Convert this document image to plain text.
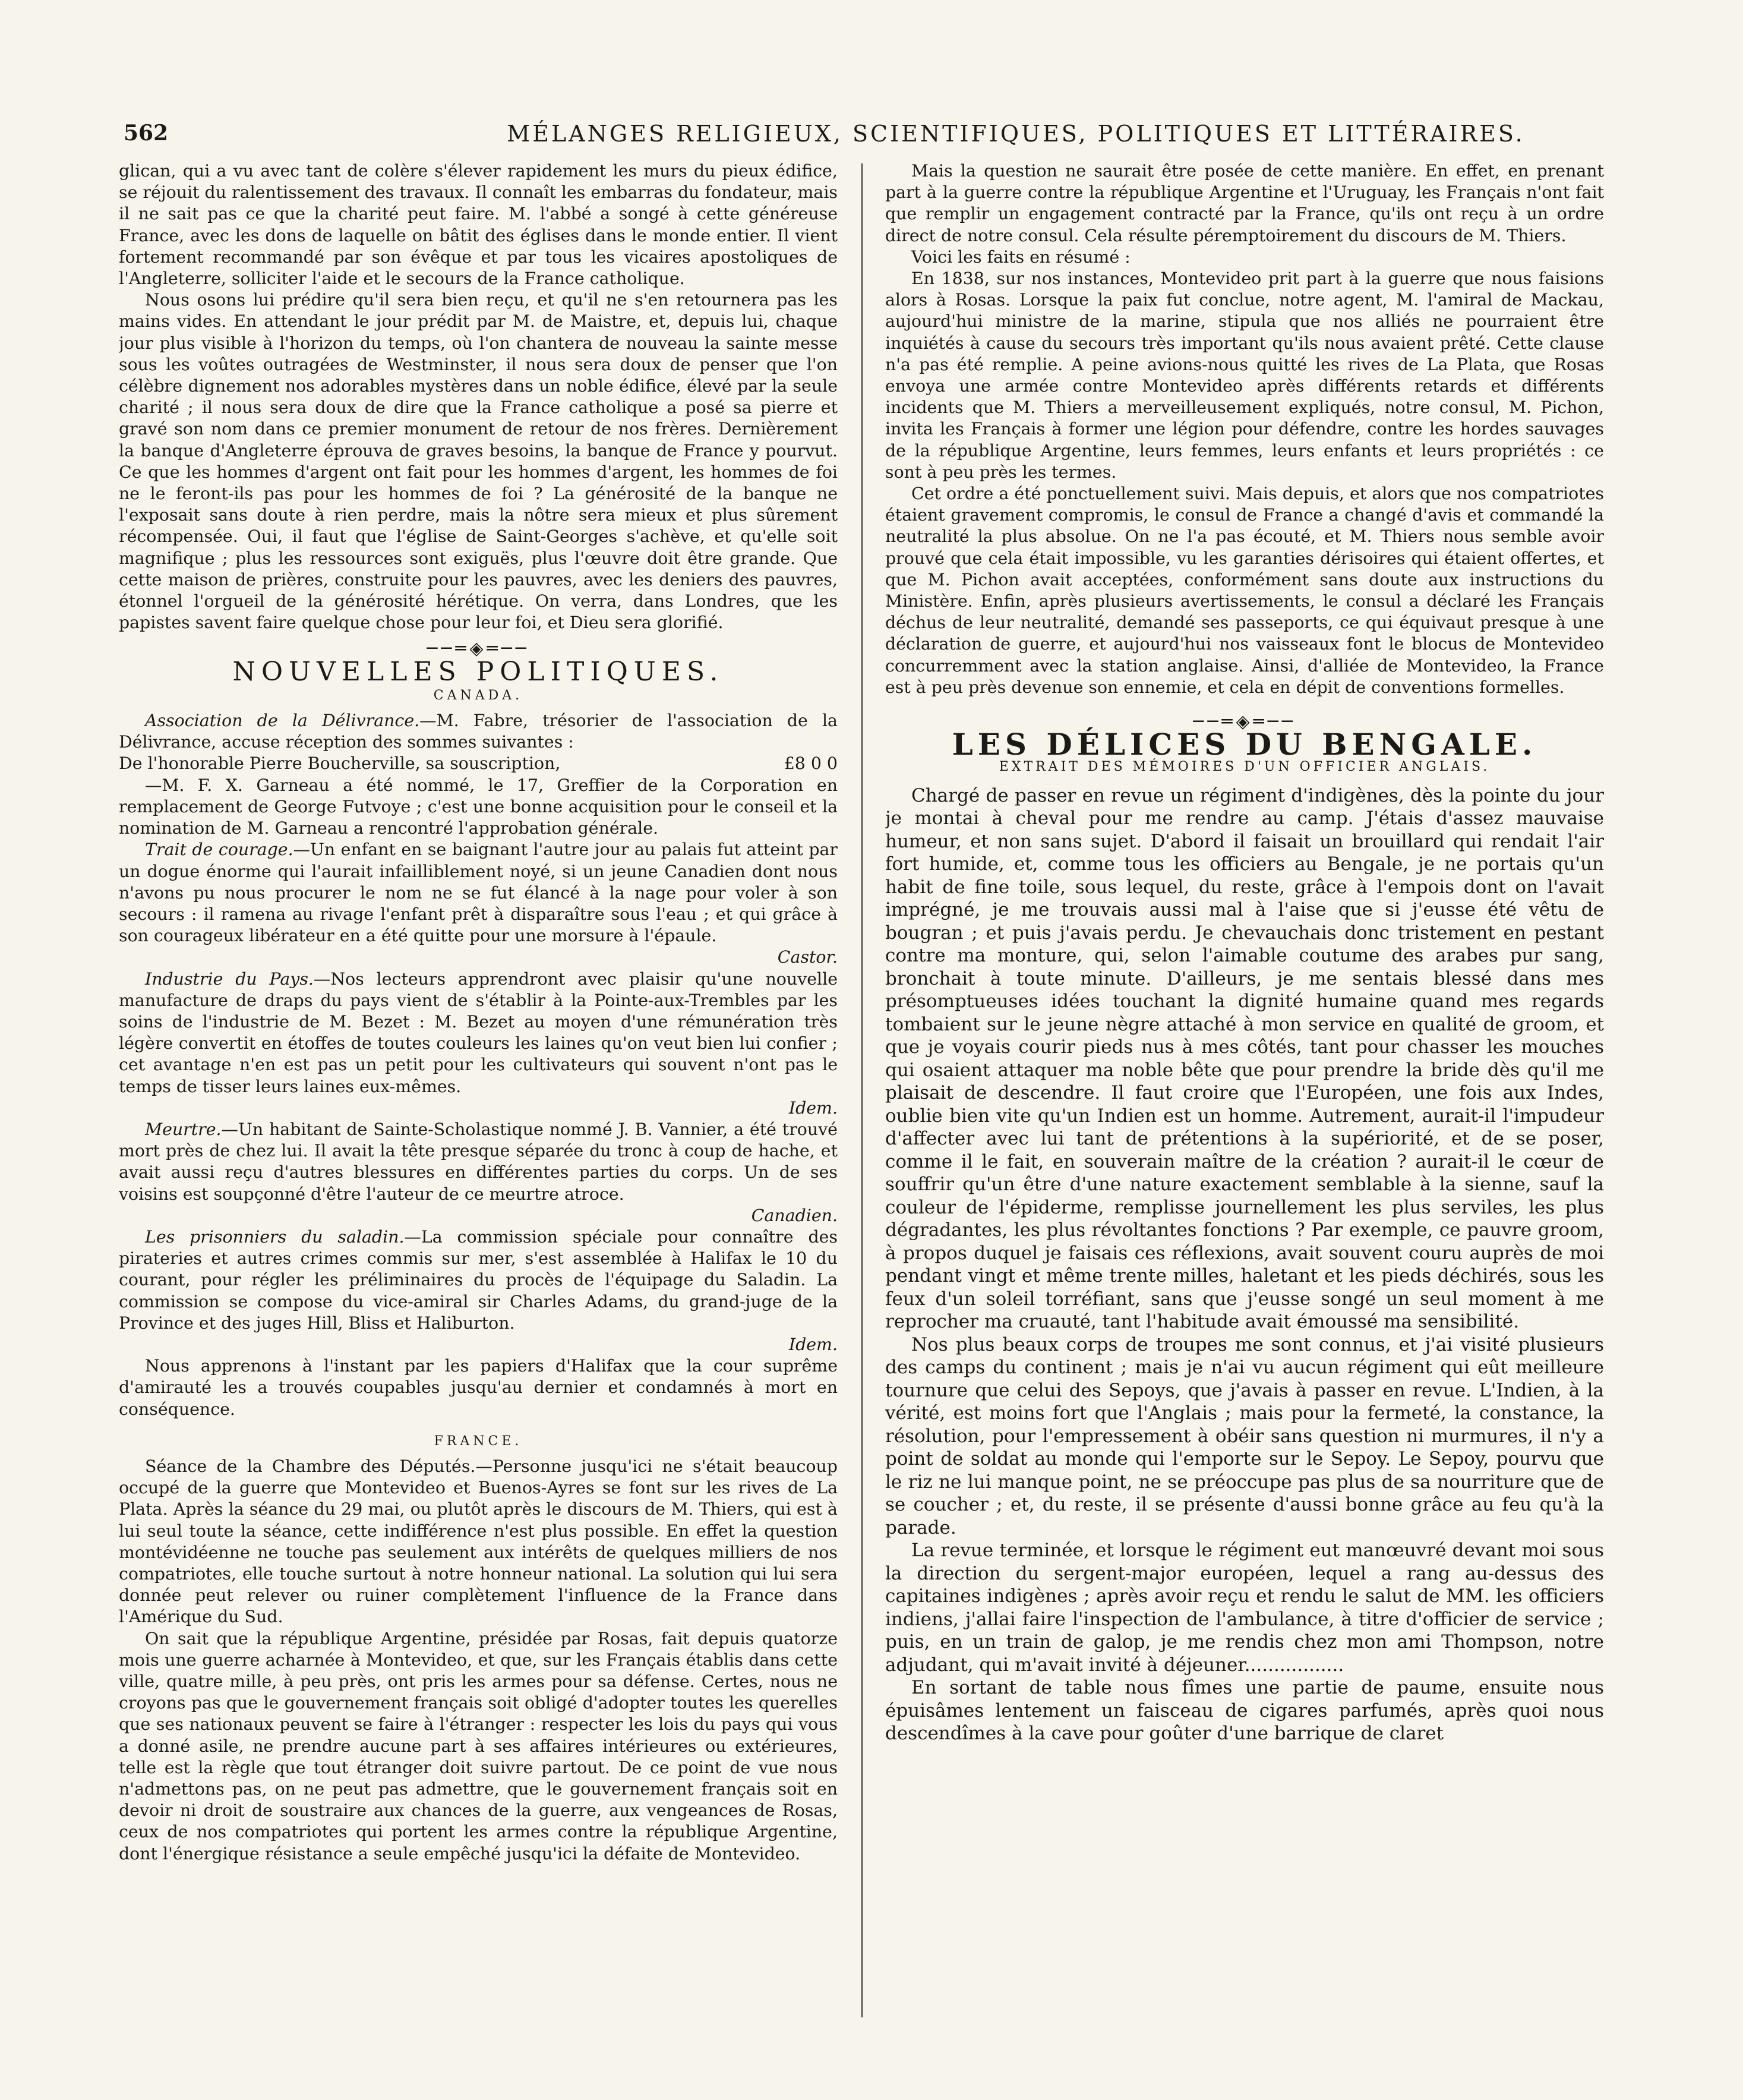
562	MÉLANGES RELIGIEUX, SCIENTIFIQUES, POLITIQUES ET LITTÉRAIRES.

glican, qui a vu avec tant de colère s'élever rapidement les murs du pieux édifice, se réjouit du ralentissement des travaux. Il connaît les embarras du fondateur, mais il ne sait pas ce que la charité peut faire. M. l'abbé a songé à cette généreuse France, avec les dons de laquelle on bâtit des églises dans le monde entier. Il vient fortement recommandé par son évêque et par tous les vicaires apostoliques de l'Angleterre, solliciter l'aide et le secours de la France catholique.

Nous osons lui prédire qu'il sera bien reçu, et qu'il ne s'en retournera pas les mains vides. En attendant le jour prédit par M. de Maistre, et, depuis lui, chaque jour plus visible à l'horizon du temps, où l'on chantera de nouveau la sainte messe sous les voûtes outragées de Westminster, il nous sera doux de penser que l'on célèbre dignement nos adorables mystères dans un noble édifice, élevé par la seule charité ; il nous sera doux de dire que la France catholique a posé sa pierre et gravé son nom dans ce premier monument de retour de nos frères. Dernièrement la banque d'Angleterre éprouva de graves besoins, la banque de France y pourvut. Ce que les hommes d'argent ont fait pour les hommes d'argent, les hommes de foi ne le feront-ils pas pour les hommes de foi ? La générosité de la banque ne l'exposait sans doute à rien perdre, mais la nôtre sera mieux et plus sûrement récompensée. Oui, il faut que l'église de Saint-Georges s'achève, et qu'elle soit magnifique ; plus les ressources sont exiguës, plus l'œuvre doit être grande. Que cette maison de prières, construite pour les pauvres, avec les deniers des pauvres, étonnel l'orgueil de la générosité hérétique. On verra, dans Londres, que les papistes savent faire quelque chose pour leur foi, et Dieu sera glorifié.

──═◈═──
NOUVELLES POLITIQUES.
CANADA.

Association de la Délivrance.—M. Fabre, trésorier de l'association de la Délivrance, accuse réception des sommes suivantes :

De l'honorable Pierre Boucherville, sa souscription,	£8 0 0

—M. F. X. Garneau a été nommé, le 17, Greffier de la Corporation en remplacement de George Futvoye ; c'est une bonne acquisition pour le conseil et la nomination de M. Garneau a rencontré l'approbation générale.

Trait de courage.—Un enfant en se baignant l'autre jour au palais fut atteint par un dogue énorme qui l'aurait infailliblement noyé, si un jeune Canadien dont nous n'avons pu nous procurer le nom ne se fut élancé à la nage pour voler à son secours : il ramena au rivage l'enfant prêt à disparaître sous l'eau ; et qui grâce à son courageux libérateur en a été quitte pour une morsure à l'épaule.

Castor.

Industrie du Pays.—Nos lecteurs apprendront avec plaisir qu'une nouvelle manufacture de draps du pays vient de s'établir à la Pointe-aux-Trembles par les soins de l'industrie de M. Bezet : M. Bezet au moyen d'une rémunération très légère convertit en étoffes de toutes couleurs les laines qu'on veut bien lui confier ; cet avantage n'en est pas un petit pour les cultivateurs qui souvent n'ont pas le temps de tisser leurs laines eux-mêmes.

Idem.

Meurtre.—Un habitant de Sainte-Scholastique nommé J. B. Vannier, a été trouvé mort près de chez lui. Il avait la tête presque séparée du tronc à coup de hache, et avait aussi reçu d'autres blessures en différentes parties du corps. Un de ses voisins est soupçonné d'être l'auteur de ce meurtre atroce.

Canadien.

Les prisonniers du saladin.—La commission spéciale pour connaître des pirateries et autres crimes commis sur mer, s'est assemblée à Halifax le 10 du courant, pour régler les préliminaires du procès de l'équipage du Saladin. La commission se compose du vice-amiral sir Charles Adams, du grand-juge de la Province et des juges Hill, Bliss et Haliburton.

Idem.

Nous apprenons à l'instant par les papiers d'Halifax que la cour suprême d'amirauté les a trouvés coupables jusqu'au dernier et condamnés à mort en conséquence.

FRANCE.

Séance de la Chambre des Députés.—Personne jusqu'ici ne s'était beaucoup occupé de la guerre que Montevideo et Buenos-Ayres se font sur les rives de La Plata. Après la séance du 29 mai, ou plutôt après le discours de M. Thiers, qui est à lui seul toute la séance, cette indifférence n'est plus possible. En effet la question montévidéenne ne touche pas seulement aux intérêts de quelques milliers de nos compatriotes, elle touche surtout à notre honneur national. La solution qui lui sera donnée peut relever ou ruiner complètement l'influence de la France dans l'Amérique du Sud.

On sait que la république Argentine, présidée par Rosas, fait depuis quatorze mois une guerre acharnée à Montevideo, et que, sur les Français établis dans cette ville, quatre mille, à peu près, ont pris les armes pour sa défense. Certes, nous ne croyons pas que le gouvernement français soit obligé d'adopter toutes les querelles que ses nationaux peuvent se faire à l'étranger : respecter les lois du pays qui vous a donné asile, ne prendre aucune part à ses affaires intérieures ou extérieures, telle est la règle que tout étranger doit suivre partout. De ce point de vue nous n'admettons pas, on ne peut pas admettre, que le gouvernement français soit en devoir ni droit de soustraire aux chances de la guerre, aux vengeances de Rosas, ceux de nos compatriotes qui portent les armes contre la république Argentine, dont l'énergique résistance a seule empêché jusqu'ici la défaite de Montevideo.

Mais la question ne saurait être posée de cette manière. En effet, en prenant part à la guerre contre la république Argentine et l'Uruguay, les Français n'ont fait que remplir un engagement contracté par la France, qu'ils ont reçu à un ordre direct de notre consul. Cela résulte péremptoirement du discours de M. Thiers.

Voici les faits en résumé :

En 1838, sur nos instances, Montevideo prit part à la guerre que nous faisions alors à Rosas. Lorsque la paix fut conclue, notre agent, M. l'amiral de Mackau, aujourd'hui ministre de la marine, stipula que nos alliés ne pourraient être inquiétés à cause du secours très important qu'ils nous avaient prêté. Cette clause n'a pas été remplie. A peine avions-nous quitté les rives de La Plata, que Rosas envoya une armée contre Montevideo après différents retards et différents incidents que M. Thiers a merveilleusement expliqués, notre consul, M. Pichon, invita les Français à former une légion pour défendre, contre les hordes sauvages de la république Argentine, leurs femmes, leurs enfants et leurs propriétés : ce sont à peu près les termes.

Cet ordre a été ponctuellement suivi. Mais depuis, et alors que nos compatriotes étaient gravement compromis, le consul de France a changé d'avis et commandé la neutralité la plus absolue. On ne l'a pas écouté, et M. Thiers nous semble avoir prouvé que cela était impossible, vu les garanties dérisoires qui étaient offertes, et que M. Pichon avait acceptées, conformément sans doute aux instructions du Ministère. Enfin, après plusieurs avertissements, le consul a déclaré les Français déchus de leur neutralité, demandé ses passeports, ce qui équivaut presque à une déclaration de guerre, et aujourd'hui nos vaisseaux font le blocus de Montevideo concurremment avec la station anglaise. Ainsi, d'alliée de Montevideo, la France est à peu près devenue son ennemie, et cela en dépit de conventions formelles.

──═◈═──
LES DÉLICES DU BENGALE.
EXTRAIT DES MÉMOIRES D'UN OFFICIER ANGLAIS.

Chargé de passer en revue un régiment d'indigènes, dès la pointe du jour je montai à cheval pour me rendre au camp. J'étais d'assez mauvaise humeur, et non sans sujet. D'abord il faisait un brouillard qui rendait l'air fort humide, et, comme tous les officiers au Bengale, je ne portais qu'un habit de fine toile, sous lequel, du reste, grâce à l'empois dont on l'avait imprégné, je me trouvais aussi mal à l'aise que si j'eusse été vêtu de bougran ; et puis j'avais perdu. Je chevauchais donc tristement en pestant contre ma monture, qui, selon l'aimable coutume des arabes pur sang, bronchait à toute minute. D'ailleurs, je me sentais blessé dans mes présomptueuses idées touchant la dignité humaine quand mes regards tombaient sur le jeune nègre attaché à mon service en qualité de groom, et que je voyais courir pieds nus à mes côtés, tant pour chasser les mouches qui osaient attaquer ma noble bête que pour prendre la bride dès qu'il me plaisait de descendre. Il faut croire que l'Européen, une fois aux Indes, oublie bien vite qu'un Indien est un homme. Autrement, aurait-il l'impudeur d'affecter avec lui tant de prétentions à la supériorité, et de se poser, comme il le fait, en souverain maître de la création ? aurait-il le cœur de souffrir qu'un être d'une nature exactement semblable à la sienne, sauf la couleur de l'épiderme, remplisse journellement les plus serviles, les plus dégradantes, les plus révoltantes fonctions ? Par exemple, ce pauvre groom, à propos duquel je faisais ces réflexions, avait souvent couru auprès de moi pendant vingt et même trente milles, haletant et les pieds déchirés, sous les feux d'un soleil torréfiant, sans que j'eusse songé un seul moment à me reprocher ma cruauté, tant l'habitude avait émoussé ma sensibilité.

Nos plus beaux corps de troupes me sont connus, et j'ai visité plusieurs des camps du continent ; mais je n'ai vu aucun régiment qui eût meilleure tournure que celui des Sepoys, que j'avais à passer en revue. L'Indien, à la vérité, est moins fort que l'Anglais ; mais pour la fermeté, la constance, la résolution, pour l'empressement à obéir sans question ni murmures, il n'y a point de soldat au monde qui l'emporte sur le Sepoy. Le Sepoy, pourvu que le riz ne lui manque point, ne se préoccupe pas plus de sa nourriture que de se coucher ; et, du reste, il se présente d'aussi bonne grâce au feu qu'à la parade.

La revue terminée, et lorsque le régiment eut manœuvré devant moi sous la direction du sergent-major européen, lequel a rang au-dessus des capitaines indigènes ; après avoir reçu et rendu le salut de MM. les officiers indiens, j'allai faire l'inspection de l'ambulance, à titre d'officier de service ; puis, en un train de galop, je me rendis chez mon ami Thompson, notre adjudant, qui m'avait invité à déjeuner.................

En sortant de table nous fîmes une partie de paume, ensuite nous épuisâmes lentement un faisceau de cigares parfumés, après quoi nous descendîmes à la cave pour goûter d'une barrique de claret
